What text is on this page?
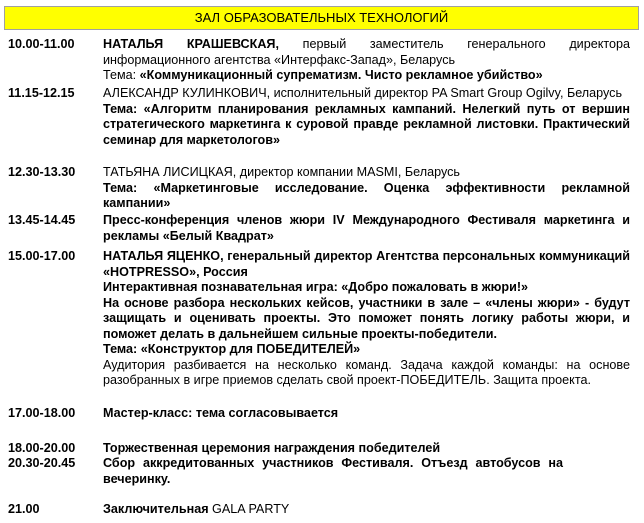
ЗАЛ ОБРАЗОВАТЕЛЬНЫХ ТЕХНОЛОГИЙ
10.00-11.00 НАТАЛЬЯ КРАШЕВСКАЯ, первый заместитель генерального директора информационного агентства «Интерфакс-Запад», Беларусь

Тема: «Коммуникационный супрематизм. Чисто рекламное убийство»

11.15-12.15 АЛЕКСАНДР КУЛИНКОВИЧ, исполнительный директор PA Smart Group Ogilvy, Беларусь

Тема: «Алгоритм планирования рекламных кампаний. Нелегкий путь от вершин стратегического маркетинга к суровой правде рекламной листовки. Практический семинар для маркетологов»

12.30-13.30 ТАТЬЯНА ЛИСИЦКАЯ, директор компании MASMI, Беларусь

Тема: «Маркетинговые исследование. Оценка эффективности рекламной кампании»

13.45-14.45 Пресс-конференция членов жюри IV Международного Фестиваля маркетинга и рекламы «Белый Квадрат»

15.00-17.00 НАТАЛЬЯ ЯЦЕНКО, генеральный директор Агентства персональных коммуникаций «HOTPRESSO», Россия

Интерактивная познавательная игра: «Добро пожаловать в жюри!»

На основе разбора нескольких кейсов, участники в зале – «члены жюри» - будут защищать и оценивать проекты. Это поможет понять логику работы жюри, и поможет делать в дальнейшем сильные проекты-победители.

Тема: «Конструктор для ПОБЕДИТЕЛЕЙ»

Аудитория разбивается на несколько команд. Задача каждой команды: на основе разобранных в игре приемов сделать свой проект-ПОБЕДИТЕЛЬ. Защита проекта.

17.00-18.00 Мастер-класс: тема согласовывается

18.00-20.00 Торжественная церемония награждения победителей

20.30-20.45 Сбор аккредитованных участников Фестиваля. Отъезд автобусов на вечеринку.

21.00	Заключительная GALA PARTY
